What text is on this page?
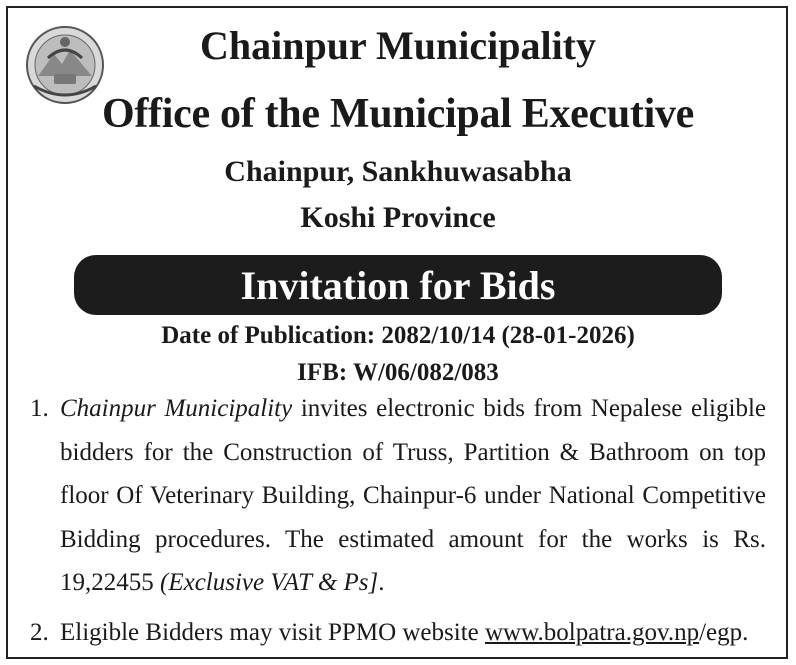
Chainpur Municipality
Office of the Municipal Executive
Chainpur, Sankhuwasabha
Koshi Province
Invitation for Bids
Date of Publication: 2082/10/14 (28-01-2026)
IFB: W/06/082/083
1. Chainpur Municipality invites electronic bids from Nepalese eligible bidders for the Construction of Truss, Partition & Bathroom on top floor Of Veterinary Building, Chainpur-6 under National Competitive Bidding procedures. The estimated amount for the works is Rs. 19,22455 (Exclusive VAT & Ps].
2. Eligible Bidders may visit PPMO website www.bolpatra.gov.np/egp.
